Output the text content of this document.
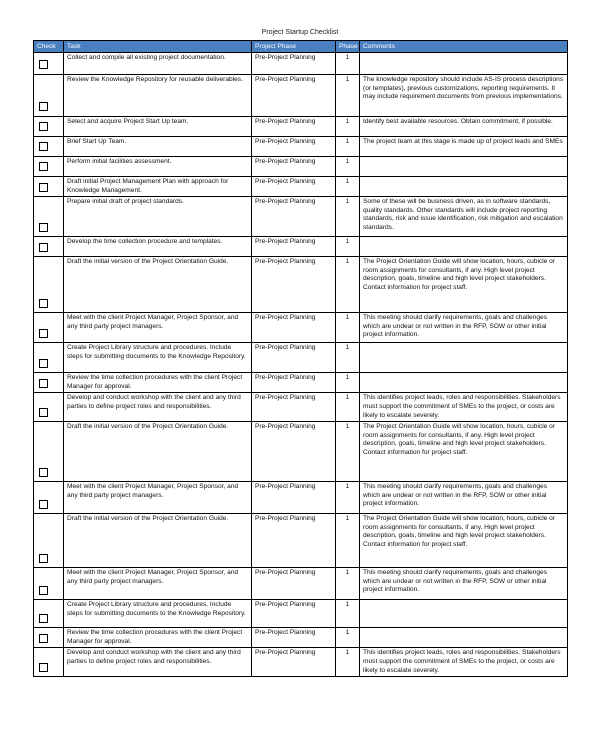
Project Startup Checklist
Check	Task	Project Phase	Phase	Comments
	Collect and compile all existing project documentation.	Pre-Project Planning	1	
	Review the Knowledge Repository for reusable deliverables.	Pre-Project Planning	1	The knowledge repository should include AS-IS process descriptions (or templates), previous customizations, reporting requirements. It may include requirement documents from previous implementations.
	Select and acquire Project Start Up team.	Pre-Project Planning	1	Identify best available resources. Obtain commitment, if possible.
	Brief Start Up Team.	Pre-Project Planning	1	The project team at this stage is made up of project leads and SMEs
	Perform initial facilities assessment.	Pre-Project Planning	1	
	Draft initial Project Management Plan with approach for Knowledge Management.	Pre-Project Planning	1	
	Prepare initial draft of project standards.	Pre-Project Planning	1	Some of these will be business driven, as in software standards, quality standards. Other standards will include project reporting standards, risk and issue identification, risk mitigation and escalation standards.
	Develop the time collection procedure and templates.	Pre-Project Planning	1	
	Draft the initial version of the Project Orientation Guide.	Pre-Project Planning	1	The Project Orientation Guide will show location, hours, cubicle or room assignments for consultants, if any. High level project description, goals, timeline and high level project stakeholders. Contact information for project staff.
	Meet with the client Project Manager, Project Sponsor, and any third party project managers.	Pre-Project Planning	1	This meeting should clarify requirements, goals and challenges which are undear or not written in the RFP, SOW or other initial project information.
	Create Project Library structure and procedures. Include steps for submitting documents to the Knowledge Repository.	Pre-Project Planning	1	
	Review the time collection procedures with the client Project Manager for approval.	Pre-Project Planning	1	
	Develop and conduct workshop with the client and any third parties to define project roles and responsibilities.	Pre-Project Planning	1	This identifies project leads, roles and responsibilities. Stakeholders must support the commitment of SMEs to the project, or costs are likely to escalate severely.
	Draft the initial version of the Project Orientation Guide.	Pre-Project Planning	1	The Project Orientation Guide will show location, hours, cubicle or room assignments for consultants, if any. High level project description, goals, timeline and high level project stakeholders. Contact information for project staff.
	Meet with the client Project Manager, Project Sponsor, and any third party project managers.	Pre-Project Planning	1	This meeting should clarify requirements, goals and challenges which are undear or not written in the RFP, SOW or other initial project information.
	Draft the initial version of the Project Orientation Guide.	Pre-Project Planning	1	The Project Orientation Guide will show location, hours, cubicle or room assignments for consultants, if any. High level project description, goals, timeline and high level project stakeholders. Contact information for project staff.
	Meet with the client Project Manager, Project Sponsor, and any third party project managers.	Pre-Project Planning	1	This meeting should clarify requirements, goals and challenges which are undear or not written in the RFP, SOW or other initial project information.
	Create Project Library structure and procedures. Include steps for submitting documents to the Knowledge Repository.	Pre-Project Planning	1	
	Review the time collection procedures with the client Project Manager for approval.	Pre-Project Planning	1	
	Develop and conduct workshop with the client and any third parties to define project roles and responsibilities.	Pre-Project Planning	1	This identifies project leads, roles and responsibilities. Stakeholders must support the commitment of SMEs to the project, or costs are likely to escalate severely.
